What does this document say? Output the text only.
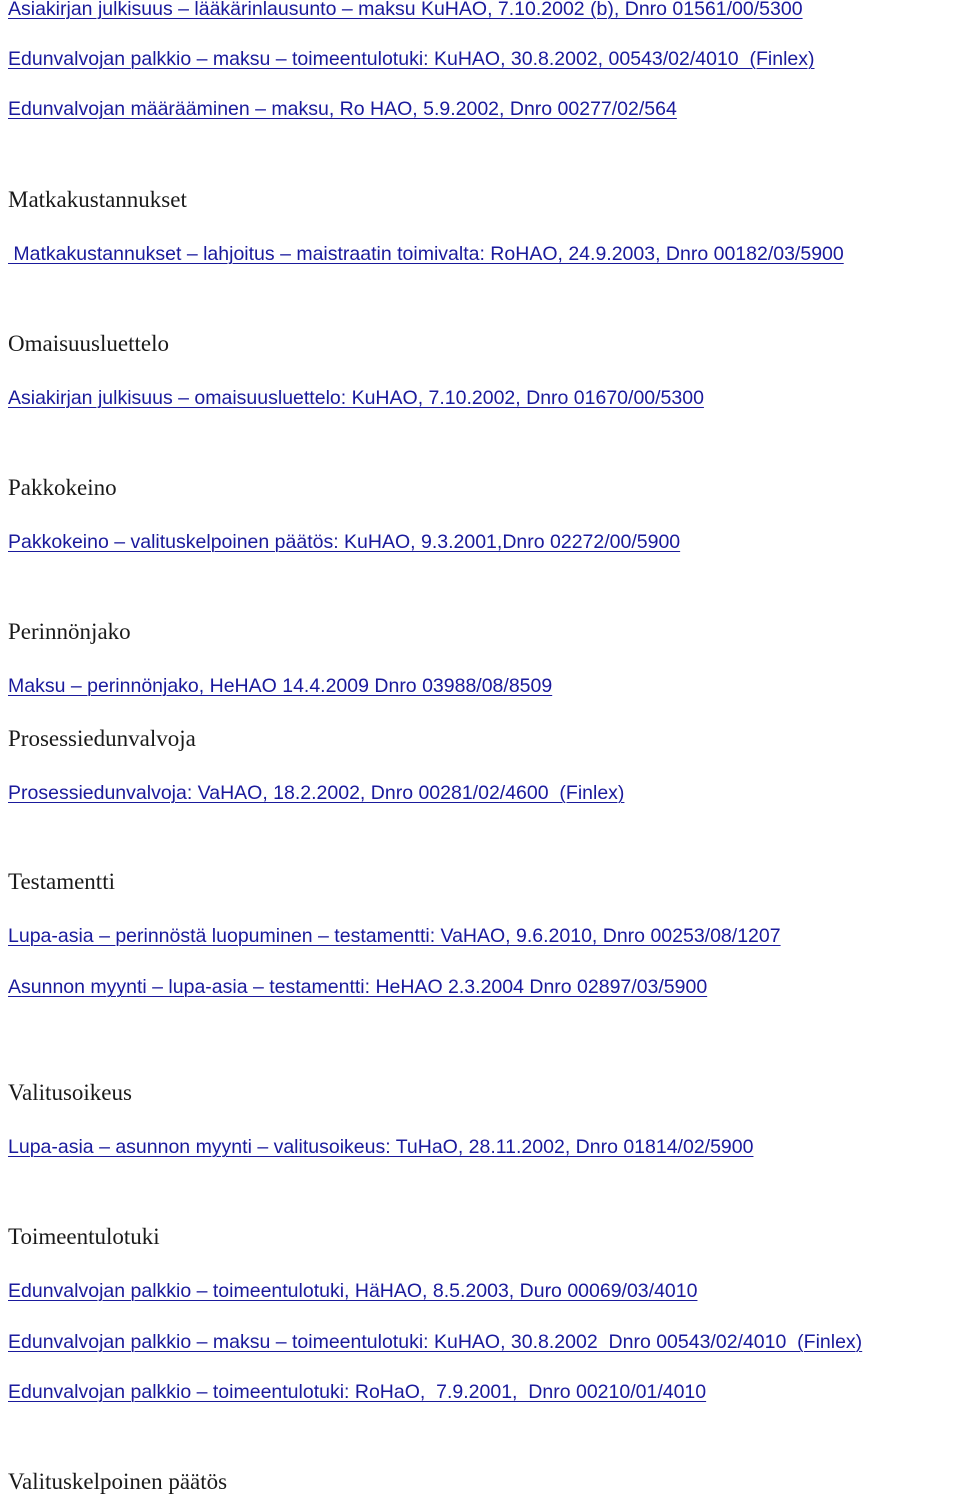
Asiakirjan julkisuus – lääkärinlausunto – maksu KuHAO, 7.10.2002 (b), Dnro 01561/00/5300
Edunvalvojan palkkio – maksu – toimeentulotuki: KuHAO, 30.8.2002, 00543/02/4010  (Finlex)
Edunvalvojan määrääminen – maksu, Ro HAO, 5.9.2002, Dnro 00277/02/564
Matkakustannukset
Matkakustannukset – lahjoitus – maistraatin toimivalta: RoHAO, 24.9.2003, Dnro 00182/03/5900
Omaisuusluettelo
Asiakirjan julkisuus – omaisuusluettelo: KuHAO, 7.10.2002, Dnro 01670/00/5300
Pakkokeino
Pakkokeino – valituskelpoinen päätös: KuHAO, 9.3.2001,Dnro 02272/00/5900
Perinnönjako
Maksu – perinnönjako, HeHAO 14.4.2009 Dnro 03988/08/8509
Prosessiedunvalvoja
Prosessiedunvalvoja: VaHAO, 18.2.2002, Dnro 00281/02/4600  (Finlex)
Testamentti
Lupa-asia – perinnöstä luopuminen – testamentti: VaHAO, 9.6.2010, Dnro 00253/08/1207
Asunnon myynti – lupa-asia – testamentti: HeHAO 2.3.2004 Dnro 02897/03/5900
Valitusoikeus
Lupa-asia – asunnon myynti – valitusoikeus: TuHaO, 28.11.2002, Dnro 01814/02/5900
Toimeentulotuki
Edunvalvojan palkkio – toimeentulotuki, HäHAO, 8.5.2003, Duro 00069/03/4010
Edunvalvojan palkkio – maksu – toimeentulotuki: KuHAO, 30.8.2002  Dnro 00543/02/4010  (Finlex)
Edunvalvojan palkkio – toimeentulotuki: RoHaO,  7.9.2001,  Dnro 00210/01/4010
Valituskelpoinen päätös
